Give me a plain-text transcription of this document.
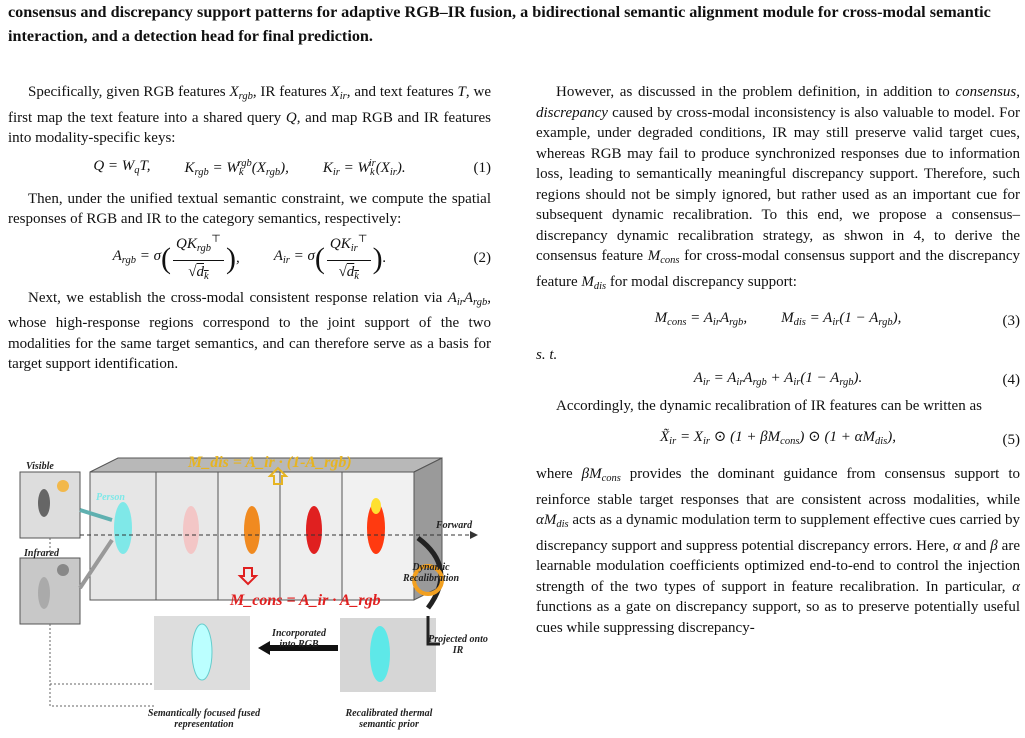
consensus and discrepancy support patterns for adaptive RGB–IR fusion, a bidirectional semantic alignment module for cross-modal semantic interaction, and a detection head for final prediction.

Specifically, given RGB features $X_{rgb}$, IR features $X_{ir}$, and text features T, we first map the text feature into a shared query Q, and map RGB and IR features into modality-specific keys:

$Q = W_qT$, $K_{rgb} = W_k^{rgb}(X_{rgb})$, $K_{ir} = W_k^{ir}(X_{ir})$.	(1)

Then, under the unified textual semantic constraint, we compute the spatial responses of RGB and IR to the category semantics, respectively:

$A_{rgb} = \sigma$ ( $\frac{QK_{rgb}^⊤}{√d_k}$ ) , $A_{ir} = \sigma$ ( $\frac{QK_{ir}^⊤}{√d_k}$ ) .	(2)

Next, we establish the cross-modal consistent response relation via $A_{ir}A_{rgb}$, whose high-response regions correspond to the joint support of the two modalities for the same target semantics, and can therefore serve as a basis for target support identification.

Visible
Infrared
Person
M_dis = A_ir · (1-A_rgb)
M_cons = A_ir · A_rgb
Forward
Dynamic Recalibration
Incorporated into RGB	Projected onto IR
Semantically focused fused representation
Recalibrated thermal semantic prior

However, as discussed in the problem definition, in addition to consensus, discrepancy caused by cross-modal inconsistency is also valuable to model. For example, under degraded conditions, IR may still preserve valid target cues, whereas RGB may fail to produce synchronized responses due to information loss, leading to semantically meaningful discrepancy support. Therefore, such regions should not be simply ignored, but rather used as an important cue for subsequent dynamic recalibration. To this end, we propose a consensus–discrepancy dynamic recalibration strategy, as shwon in 4, to derive the consensus feature $M_{cons}$ for cross-modal consensus support and the discrepancy feature $M_{dis}$ for modal discrepancy support:

$M_{cons} = A_{ir}A_{rgb}$, $M_{dis} = A_{ir}(1 - A_{rgb})$,	(3)

s. t.

$A_{ir} = A_{ir}A_{rgb} + A_{ir}(1 - A_{rgb})$.	(4)

Accordingly, the dynamic recalibration of IR features can be written as

$X̃_{ir} = X_{ir}$ ⊙ $(1 + \beta M_{cons})$ ⊙ $(1 + \alpha M_{dis})$,	(5)

where $\beta M_{cons}$ provides the dominant guidance from consensus support to reinforce stable target responses that are consistent across modalities, while $\alpha M_{dis}$ acts as a dynamic modulation term to supplement effective cues carried by discrepancy support and suppress potential discrepancy errors. Here, α and β are learnable modulation coefficients optimized end-to-end to control the injection strength of the two types of support in feature recalibration. In particular, α functions as a gate on discrepancy support, so as to preserve potentially useful cues while suppressing discrepancy-
